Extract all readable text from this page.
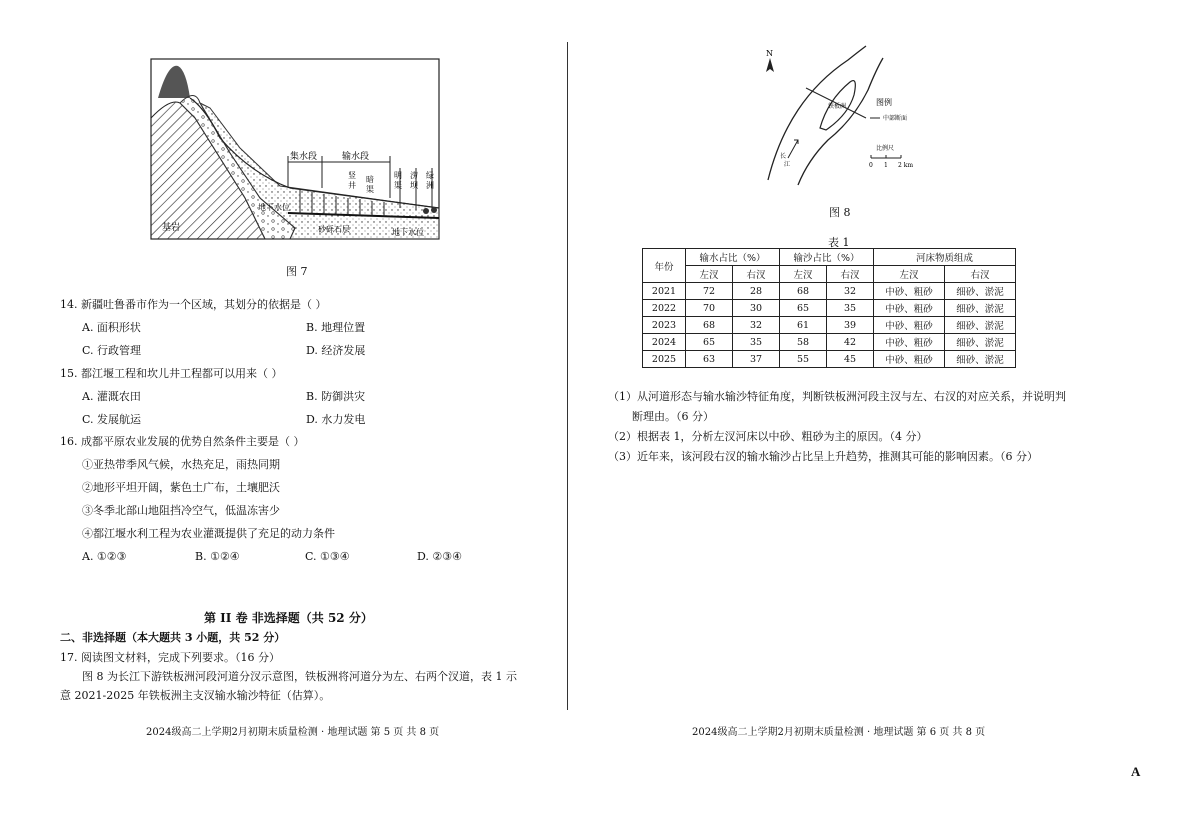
集水段	输水段
竖井
暗渠
明渠
涝坝
绿洲
基岩
地下水位
砂砾石层	地下水位
图 7
14. 新疆吐鲁番市作为一个区域，其划分的依据是（ ）
A. 面积形状	B. 地理位置
C. 行政管理	D. 经济发展
15. 都江堰工程和坎儿井工程都可以用来（ ）
A. 灌溉农田	B. 防御洪灾
C. 发展航运	D. 水力发电
16. 成都平原农业发展的优势自然条件主要是（ ）
①亚热带季风气候，水热充足，雨热同期
②地形平坦开阔，紫色土广布，土壤肥沃
③冬季北部山地阻挡冷空气，低温冻害少
④都江堰水利工程为农业灌溉提供了充足的动力条件
A. ①②③	B. ①②④	C. ①③④	D. ②③④
第 II 卷 非选择题（共 52 分）
二、非选择题（本大题共 3 小题，共 52 分）
17. 阅读图文材料，完成下列要求。（16 分）
图 8 为长江下游铁板洲河段河道分汊示意图，铁板洲将河道分为左、右两个汊道，表 1 示
意 2021-2025 年铁板洲主支汊输水输沙特征（估算）。
2024级高二上学期2月初期末质量检测 · 地理试题 第 5 页 共 8 页
N
铁板洲
长江
图例
中部断面
比例尺
0 1 2 km
图 8
表 1
年份	输水占比（%）		输沙占比（%）		河床物质组成	
	左汊	右汊	左汊	右汊	左汊	右汊
2021	72	28	68	32	中砂、粗砂	细砂、淤泥
2022	70	30	65	35	中砂、粗砂	细砂、淤泥
2023	68	32	61	39	中砂、粗砂	细砂、淤泥
2024	65	35	58	42	中砂、粗砂	细砂、淤泥
2025	63	37	55	45	中砂、粗砂	细砂、淤泥
（1）从河道形态与输水输沙特征角度，判断铁板洲河段主汊与左、右汊的对应关系，并说明判
断理由。（6 分）
（2）根据表 1，分析左汊河床以中砂、粗砂为主的原因。（4 分）
（3）近年来，该河段右汊的输水输沙占比呈上升趋势，推测其可能的影响因素。（6 分）
2024级高二上学期2月初期末质量检测 · 地理试题 第 6 页 共 8 页
A
